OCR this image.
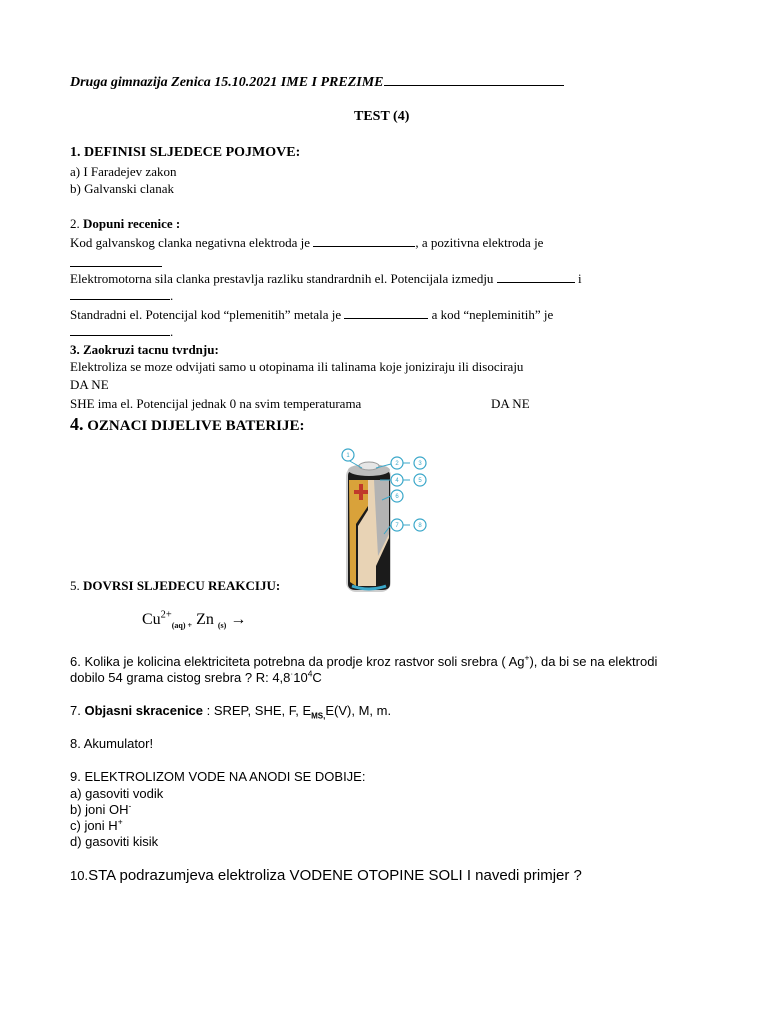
Druga gimnazija Zenica 15.10.2021 IME I PREZIME
TEST (4)
1. DEFINISI SLJEDECE POJMOVE:
a) I Faradejev zakon
b) Galvanski clanak
2. Dopuni recenice :
Kod galvanskog clanka negativna elektroda je	, a pozitivna elektroda je
Elektromotorna sila clanka prestavlja razliku standrardnih el. Potencijala izmedju	i
.
Standradni el. Potencijal kod “plemenitih” metala je	a kod “nepleminitih” je
.
3. Zaokruzi tacnu tvrdnju:
Elektroliza se moze odvijati samo u otopinama ili talinama koje joniziraju ili disociraju
DA NE
SHE ima el. Potencijal jednak 0 na svim temperaturama	DA NE
4. OZNACI DIJELIVE BATERIJE:
1
2	3
4	5
6
7	8
5. DOVRSI SLJEDECU REAKCIJU:
$Cu^{2+}_{(aq) +}$ Zn $_{(s)}$ →
6. Kolika je kolicina elektriciteta potrebna da prodje kroz rastvor soli srebra ( Ag+), da bi se na elektrodi
dobilo 54 grama cistog srebra ? R: $4,8^\cdot 10^4C$
7. Objasni skracenice : SREP, SHE, F, $E_{MS,}E(V)$, M, m.
8. Akumulator!
9. ELEKTROLIZOM VODE NA ANODI SE DOBIJE:
a) gasoviti vodik
b) joni OH-
c) joni H+
d) gasoviti kisik
10.STA podrazumjeva elektroliza VODENE OTOPINE SOLI I navedi primjer ?
